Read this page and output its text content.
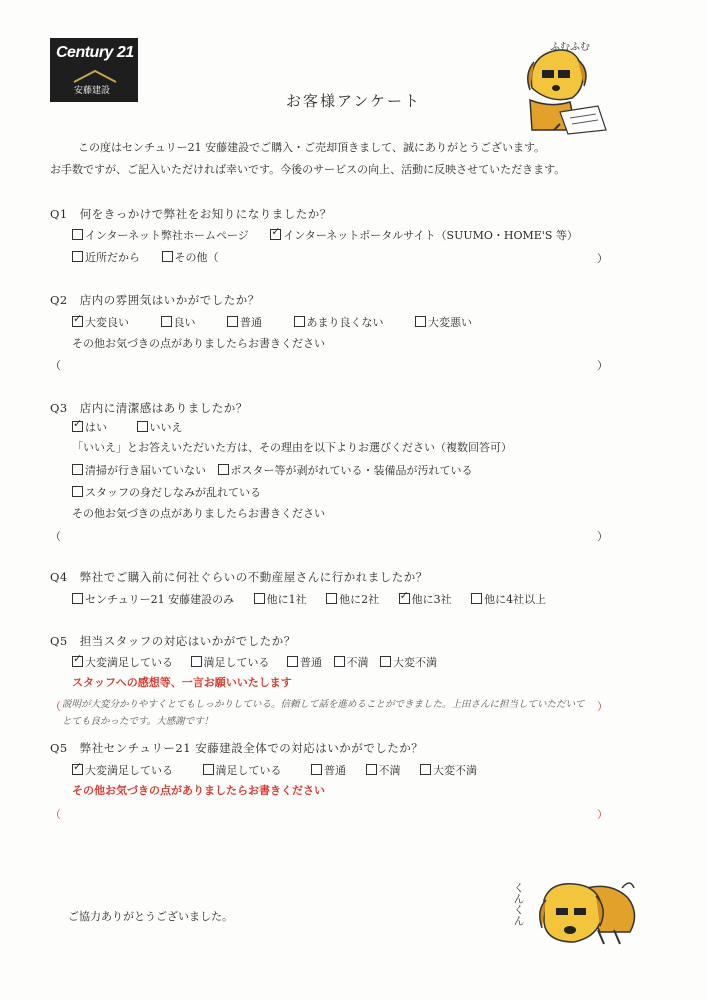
Century 21
安藤建設
お客様アンケート
ふむふむ
この度はセンチュリー21 安藤建設でご購入・ご売却頂きまして、誠にありがとうございます。
お手数ですが、ご記入いただければ幸いです。今後のサービスの向上、活動に反映させていただきます。
Q1　 何をきっかけで弊社をお知りになりましたか？
インターネット弊社ホームページ ✓	インターネットポータルサイト（SUUMO・HOME'S 等）
近所だから	その他（	）
Q2　 店内の雰囲気はいかがでしたか？
✓大変良い	良い	普通	あまり良くない	大変悪い
その他お気づきの点がありましたらお書きください
（	）
Q3　 店内に清潔感はありましたか？
✓はい	いいえ
「いいえ」とお答えいただいた方は、その理由を以下よりお選びください（複数回答可）
清掃が行き届いていない ポスター等が剥がれている・装備品が汚れている
スタッフの身だしなみが乱れている
その他お気づきの点がありましたらお書きください
（	）
Q4　 弊社でご購入前に何社ぐらいの不動産屋さんに行かれましたか？
センチュリー21 安藤建設のみ	他に1社	他に2社 ✓	他に3社	他に4社以上
Q5　 担当スタッフの対応はいかがでしたか？
✓大変満足している	満足している	普通 不満 大変不満
スタッフへの感想等、一言お願いいたします
（ 説明が大変分かりやすくとてもしっかりしている。信頼して話を進めることができました。上田さんに担当していただいて
とても良かったです。大感謝です！
）
Q5　 弊社センチュリー21 安藤建設全体での対応はいかがでしたか？
✓大変満足している	満足している	普通	不満	大変不満
その他お気づきの点がありましたらお書きください
（	）
くんくん
ご協力ありがとうございました。
